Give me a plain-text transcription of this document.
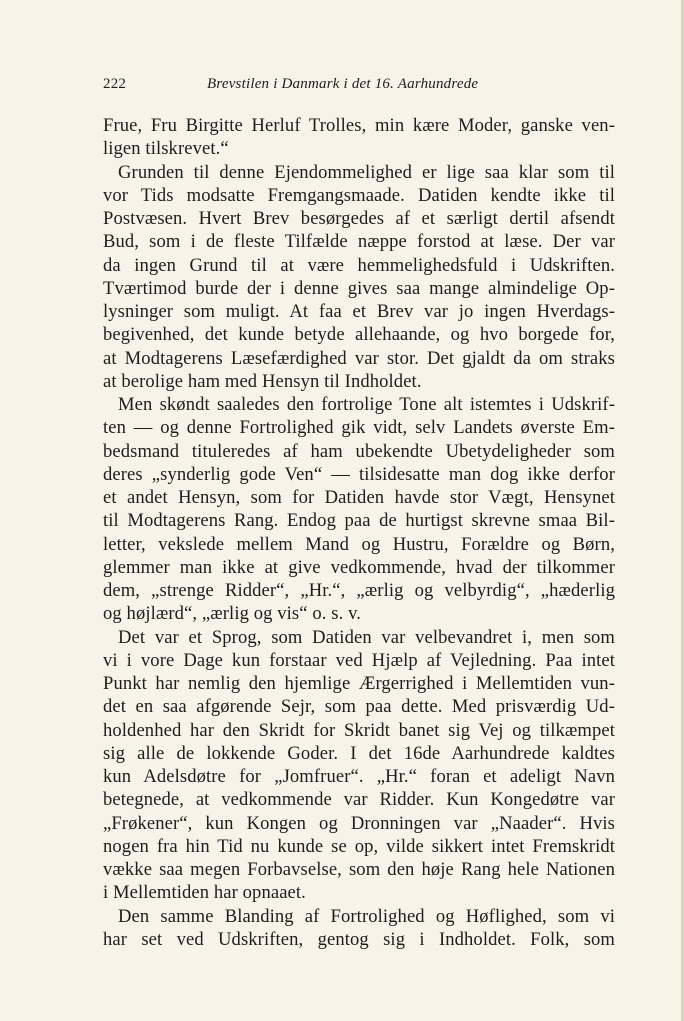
222	Brevstilen i Danmark i det 16. Aarhundrede
Frue, Fru Birgitte Herluf Trolles, min kære Moder, ganske ven-
ligen tilskrevet.“
Grunden til denne Ejendommelighed er lige saa klar som til
vor Tids modsatte Fremgangsmaade. Datiden kendte ikke til
Postvæsen. Hvert Brev besørgedes af et særligt dertil afsendt
Bud, som i de fleste Tilfælde næppe forstod at læse. Der var
da ingen Grund til at være hemmelighedsfuld i Udskriften.
Tværtimod burde der i denne gives saa mange almindelige Op-
lysninger som muligt. At faa et Brev var jo ingen Hverdags-
begivenhed, det kunde betyde allehaande, og hvo borgede for,
at Modtagerens Læsefærdighed var stor. Det gjaldt da om straks
at berolige ham med Hensyn til Indholdet.
Men skøndt saaledes den fortrolige Tone alt istemtes i Udskrif-
ten — og denne Fortrolighed gik vidt, selv Landets øverste Em-
bedsmand tituleredes af ham ubekendte Ubetydeligheder som
deres „synderlig gode Ven“ — tilsidesatte man dog ikke derfor
et andet Hensyn, som for Datiden havde stor Vægt, Hensynet
til Modtagerens Rang. Endog paa de hurtigst skrevne smaa Bil-
letter, vekslede mellem Mand og Hustru, Forældre og Børn,
glemmer man ikke at give vedkommende, hvad der tilkommer
dem, „strenge Ridder“, „Hr.“, „ærlig og velbyrdig“, „hæderlig
og højlærd“, „ærlig og vis“ o. s. v.
Det var et Sprog, som Datiden var velbevandret i, men som
vi i vore Dage kun forstaar ved Hjælp af Vejledning. Paa intet
Punkt har nemlig den hjemlige Ærgerrighed i Mellemtiden vun-
det en saa afgørende Sejr, som paa dette. Med prisværdig Ud-
holdenhed har den Skridt for Skridt banet sig Vej og tilkæmpet
sig alle de lokkende Goder. I det 16de Aarhundrede kaldtes
kun Adelsdøtre for „Jomfruer“. „Hr.“ foran et adeligt Navn
betegnede, at vedkommende var Ridder. Kun Kongedøtre var
„Frøkener“, kun Kongen og Dronningen var „Naader“. Hvis
nogen fra hin Tid nu kunde se op, vilde sikkert intet Fremskridt
vække saa megen Forbavselse, som den høje Rang hele Nationen
i Mellemtiden har opnaaet.
Den samme Blanding af Fortrolighed og Høflighed, som vi
har set ved Udskriften, gentog sig i Indholdet. Folk, som
